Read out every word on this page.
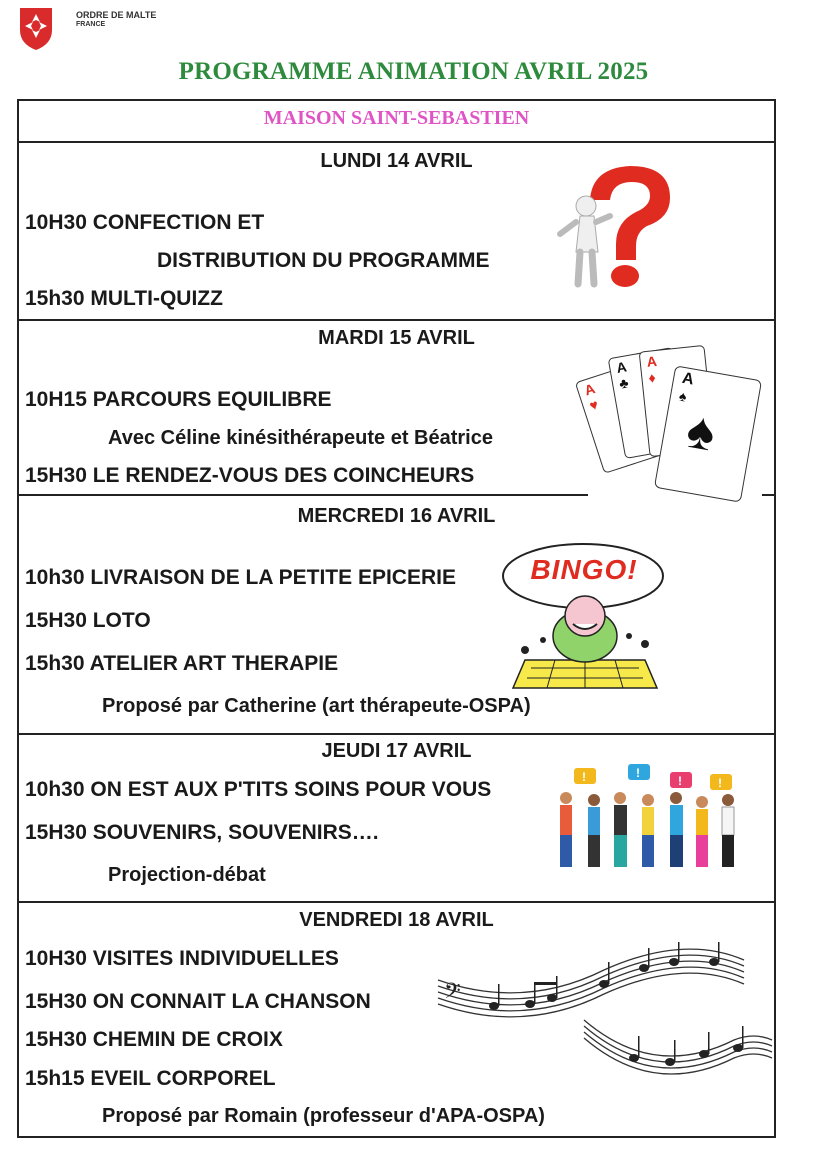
ORDRE DE MALTE
FRANCE
PROGRAMME ANIMATION AVRIL 2025
MAISON SAINT-SEBASTIEN
LUNDI 14 AVRIL
10H30 CONFECTION ET
DISTRIBUTION DU PROGRAMME
15h30 MULTI-QUIZZ
MARDI 15 AVRIL
10H15 PARCOURS EQUILIBRE
Avec Céline kinésithérapeute et Béatrice
15H30 LE RENDEZ-VOUS DES COINCHEURS
A
♥
A
♣
A
♦ A
♠
♠
MERCREDI 16 AVRIL
10h30 LIVRAISON DE LA PETITE EPICERIE
15H30 LOTO
15h30 ATELIER ART THERAPIE
Proposé par Catherine (art thérapeute-OSPA)
BINGO!
JEUDI 17 AVRIL
10h30 ON EST AUX P'TITS SOINS POUR VOUS
15H30 SOUVENIRS, SOUVENIRS….
Projection-débat
!	!
!	!
VENDREDI 18 AVRIL
10H30 VISITES INDIVIDUELLES
15H30 ON CONNAIT LA CHANSON
15H30 CHEMIN DE CROIX
15h15 EVEIL CORPOREL
Proposé par Romain (professeur d'APA-OSPA)
𝄢
